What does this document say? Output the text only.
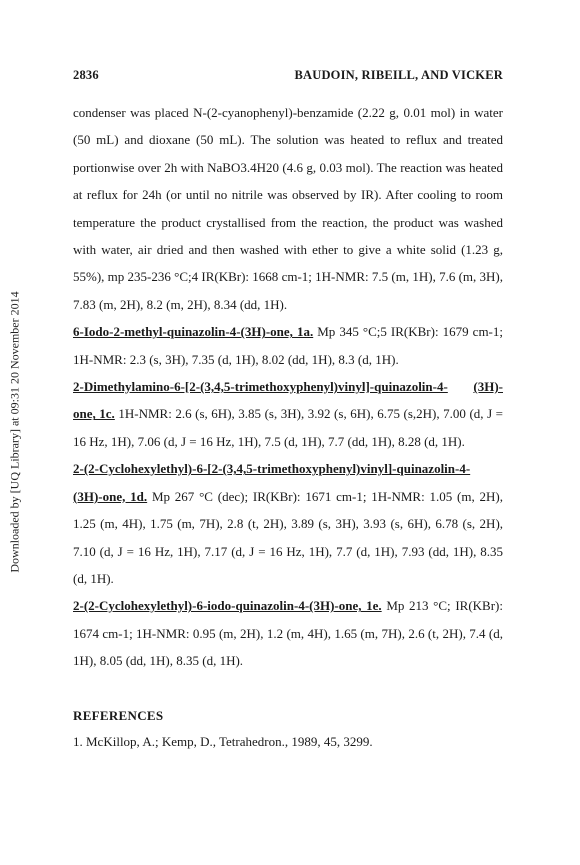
Downloaded by [UQ Library] at 09:31 20 November 2014
2836	BAUDOIN, RIBEILL, AND VICKER

condenser was placed N-(2-cyanophenyl)-benzamide (2.22 g, 0.01 mol) in water (50 mL) and dioxane (50 mL). The solution was heated to reflux and treated portionwise over 2h with NaBO3.4H20 (4.6 g, 0.03 mol). The reaction was heated at reflux for 24h (or until no nitrile was observed by IR). After cooling to room temperature the product crystallised from the reaction, the product was washed with water, air dried and then washed with ether to give a white solid (1.23 g, 55%), mp 235-236 °C;4 IR(KBr): 1668 cm-1; 1H-NMR: 7.5 (m, 1H), 7.6 (m, 3H), 7.83 (m, 2H), 8.2 (m, 2H), 8.34 (dd, 1H).

6-Iodo-2-methyl-quinazolin-4-(3H)-one, 1a. Mp 345 °C;5 IR(KBr): 1679 cm-1; 1H-NMR: 2.3 (s, 3H), 7.35 (d, 1H), 8.02 (dd, 1H), 8.3 (d, 1H).

2-Dimethylamino-6-[2-(3,4,5-trimethoxyphenyl)vinyl]-quinazolin-4- (3H)-one, 1c. 1H-NMR: 2.6 (s, 6H), 3.85 (s, 3H), 3.92 (s, 6H), 6.75 (s,2H), 7.00 (d, J = 16 Hz, 1H), 7.06 (d, J = 16 Hz, 1H), 7.5 (d, 1H), 7.7 (dd, 1H), 8.28 (d, 1H).

2-(2-Cyclohexylethyl)-6-[2-(3,4,5-trimethoxyphenyl)vinyl]-quinazolin-4- (3H)-one, 1d. Mp 267 °C (dec); IR(KBr): 1671 cm-1; 1H-NMR: 1.05 (m, 2H), 1.25 (m, 4H), 1.75 (m, 7H), 2.8 (t, 2H), 3.89 (s, 3H), 3.93 (s, 6H), 6.78 (s, 2H), 7.10 (d, J = 16 Hz, 1H), 7.17 (d, J = 16 Hz, 1H), 7.7 (d, 1H), 7.93 (dd, 1H), 8.35 (d, 1H).

2-(2-Cyclohexylethyl)-6-iodo-quinazolin-4-(3H)-one, 1e. Mp 213 °C; IR(KBr): 1674 cm-1; 1H-NMR: 0.95 (m, 2H), 1.2 (m, 4H), 1.65 (m, 7H), 2.6 (t, 2H), 7.4 (d, 1H), 8.05 (dd, 1H), 8.35 (d, 1H).

REFERENCES
1. McKillop, A.; Kemp, D., Tetrahedron., 1989, 45, 3299.
